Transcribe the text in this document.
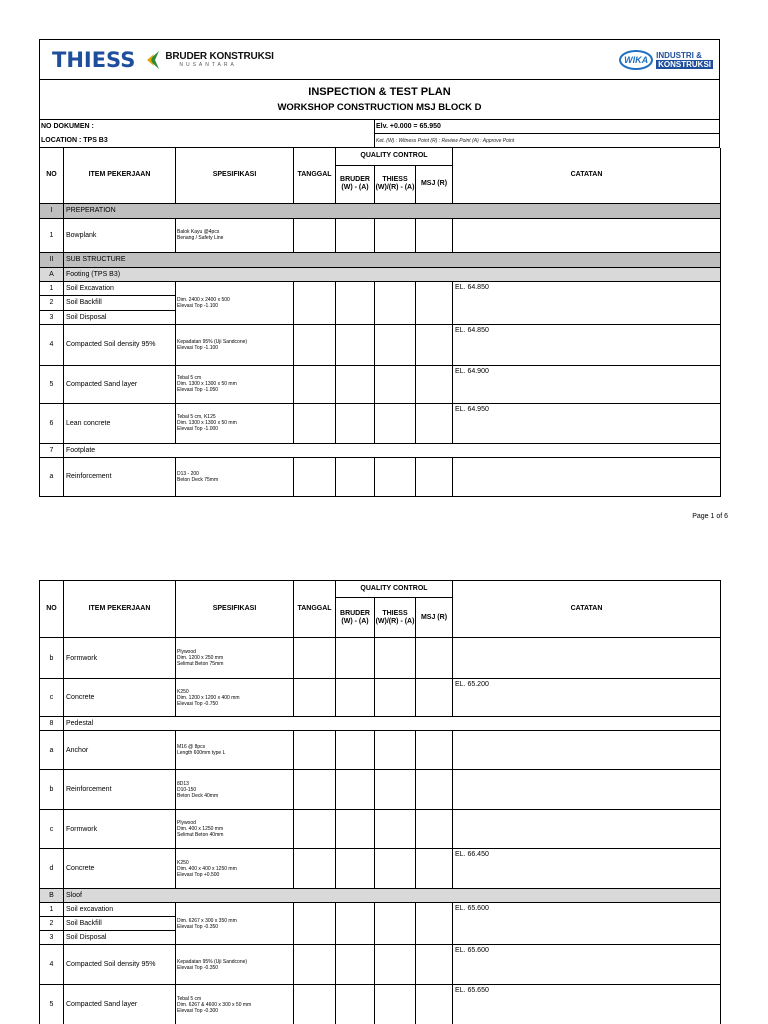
THIESS	BRUDER KONSTRUKSI
NUSANTARA
WIKA	INDUSTRI &
KONSTRUKSI
INSPECTION & TEST PLAN
WORKSHOP CONSTRUCTION MSJ BLOCK D
NO DOKUMEN :
LOCATION : TPS B3
Elv. +0.000 = 65.950
Ket. (W) : Witness Point (R) : Review Point (A) : Approve Point
NO	ITEM PEKERJAAN	SPESIFIKASI	TANGGAL	QUALITY CONTROL			CATATAN
				BRUDER (W) - (A)	THIESS (W)/(R) - (A)	MSJ (R)	
I	PREPERATION						
1	Bowplank	Balok Kayu @4pcs
Benang / Safety Line					

II	SUB STRUCTURE						
A	Footing (TPS B3)						
1	Soil Excavation	Dim. 2400 x 2400 x 500
Elevasi Top -1.100					EL. 64.850
2	Soil Backfill						
3	Soil Disposal						
4	Compacted Soil density 95%	Kepadatan 95% (Uji Sandcone)
Elevasi Top -1.100					EL. 64.850
5	Compacted Sand layer	Tebal 5 cm
Dim. 1300 x 1300 x 50 mm
Elevasi Top -1.050					EL. 64.900
6	Lean concrete	Tebal 5 cm, K125
Dim. 1300 x 1300 x 50 mm
Elevasi Top -1.000					EL. 64.950
7	Footplate						
a	Reinforcement	D13 - 200
Beton Deck 75mm					

Page 1 of 6
NO	ITEM PEKERJAAN	SPESIFIKASI	TANGGAL	QUALITY CONTROL			CATATAN
				BRUDER (W) - (A)	THIESS (W)/(R) - (A)	MSJ (R)	
b	Formwork	Plywood
Dim. 1200 x 250 mm
Selimut Beton 75mm					

c	Concrete	K250
Dim. 1200 x 1200 x 400 mm
Elevasi Top -0.750					EL. 65.200
8	Pedestal						
a	Anchor	M16 @ 8pcs
Length 600mm type L					

b	Reinforcement	8D13
D10-150
Beton Deck 40mm					

c	Formwork	Plywood
Dim. 400 x 1250 mm
Selimut Beton 40mm					

d	Concrete	K250
Dim. 400 x 400 x 1250 mm
Elevasi Top +0.500					EL. 66.450
B	Sloof						
1	Soil excavation	Dim. 6267 x 300 x 350 mm
Elevasi Top -0.350					EL. 65.600
2	Soil Backfill						
3	Soil Disposal						
4	Compacted Soil density 95%	Kepadatan 95% (Uji Sandcone)
Elevasi Top -0.350					EL. 65.600
5	Compacted Sand layer	Tebal 5 cm
Dim. 6267 & 4600 x 300 x 50 mm
Elevasi Top -0.300					EL. 65.650
